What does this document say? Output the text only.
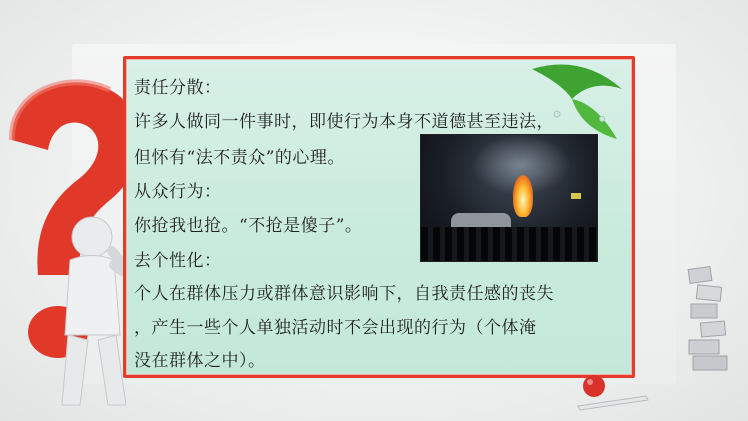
责任分散：
许多人做同一件事时，即使行为本身不道德甚至违法，
但怀有“法不责众”的心理。
从众行为：
你抢我也抢。“不抢是傻子”。
去个性化：
个人在群体压力或群体意识影响下，自我责任感的丧失
，产生一些个人单独活动时不会出现的行为（个体淹
没在群体之中）。
